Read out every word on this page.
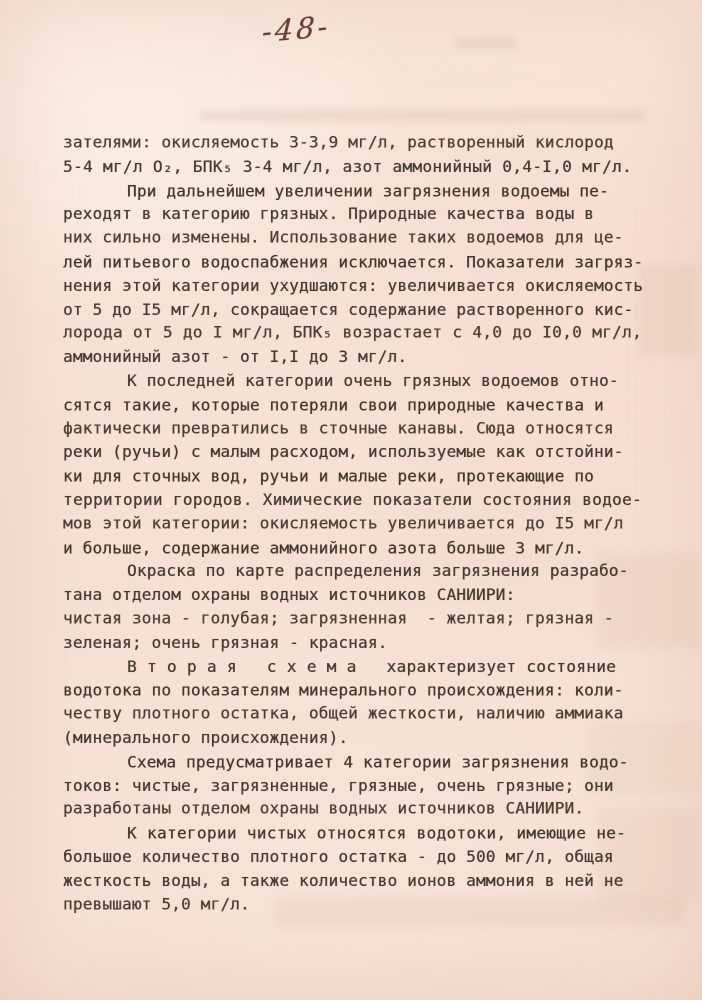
-48-
зателями: окисляемость 3-3,9 мг/л, растворенный кислород
5-4 мг/л О₂, БПК₅ 3-4 мг/л, азот аммонийный 0,4-I,0 мг/л.
При дальнейшем увеличении загрязнения водоемы пе-
реходят в категорию грязных. Природные качества воды в
них сильно изменены. Использование таких водоемов для це-
лей питьевого водоспабжения исключается. Показатели загряз-
нения этой категории ухудшаются: увеличивается окисляемость
от 5 до I5 мг/л, сокращается содержание растворенного кис-
лорода от 5 до I мг/л, БПК₅ возрастает с 4,0 до I0,0 мг/л,
аммонийный азот - от I,I до 3 мг/л.
К последней категории очень грязных водоемов отно-
сятся такие, которые потеряли свои природные качества и
фактически превратились в сточные канавы. Сюда относятся
реки (ручьи) с малым расходом, используемые как отстойни-
ки для сточных вод, ручьи и малые реки, протекающие по
территории городов. Химические показатели состояния водое-
мов этой категории: окисляемость увеличивается до I5 мг/л
и больше, содержание аммонийного азота больше 3 мг/л.
Окраска по карте распределения загрязнения разрабо-
тана отделом охраны водных источников САНИИРИ:
чистая зона - голубая; загрязненная  - желтая; грязная -
зеленая; очень грязная - красная.
В т о р а я   с х е м а   характеризует состояние
водотока по показателям минерального происхождения: коли-
честву плотного остатка, общей жесткости, наличию аммиака
(минерального происхождения).
Схема предусматривает 4 категории загрязнения водо-
токов: чистые, загрязненные, грязные, очень грязные; они
разработаны отделом охраны водных источников САНИИРИ.
К категории чистых относятся водотоки, имеющие не-
большое количество плотного остатка - до 500 мг/л, общая
жесткость воды, а также количество ионов аммония в ней не
превышают 5,0 мг/л.
